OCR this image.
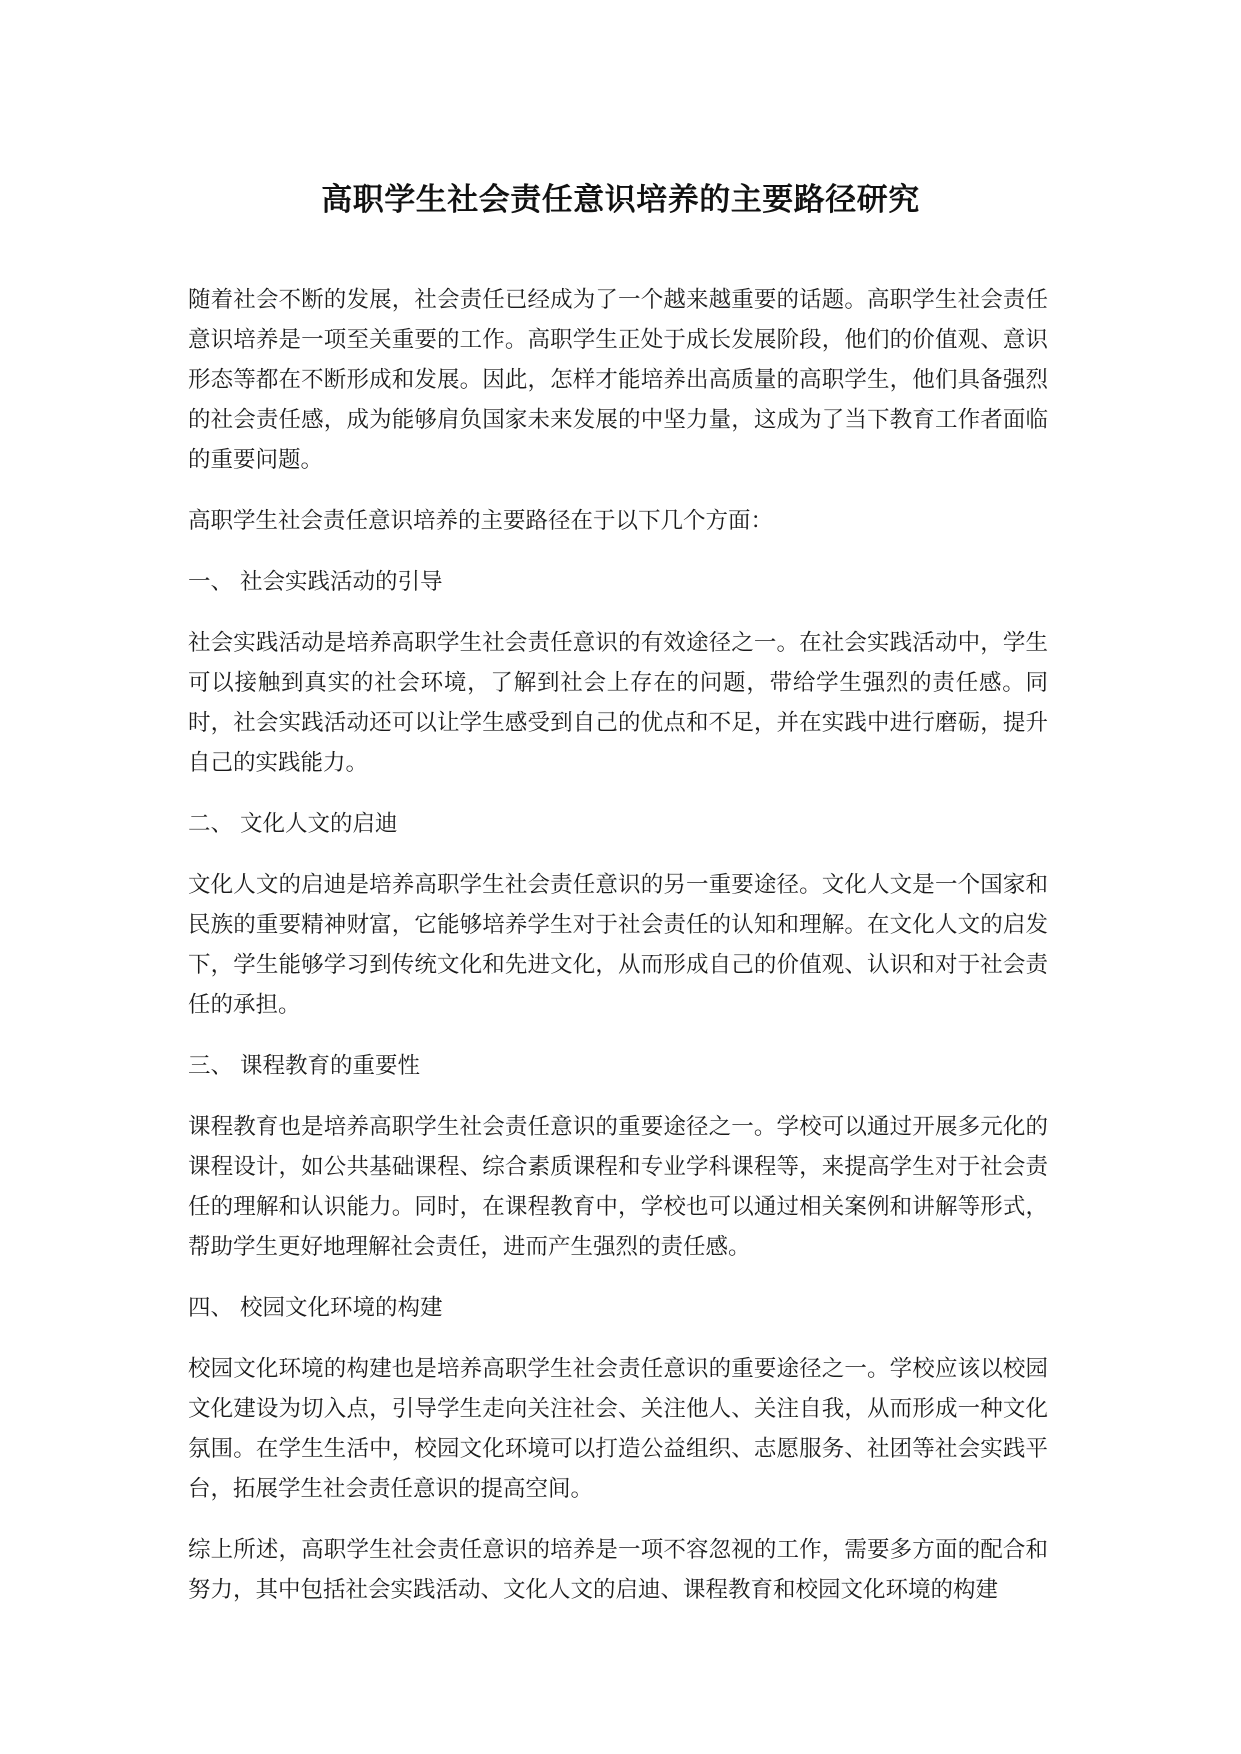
高职学生社会责任意识培养的主要路径研究

随着社会不断的发展，社会责任已经成为了一个越来越重要的话题。高职学生社会责任意识培养是一项至关重要的工作。高职学生正处于成长发展阶段，他们的价值观、意识形态等都在不断形成和发展。因此，怎样才能培养出高质量的高职学生，他们具备强烈的社会责任感，成为能够肩负国家未来发展的中坚力量，这成为了当下教育工作者面临的重要问题。

高职学生社会责任意识培养的主要路径在于以下几个方面：

一、 社会实践活动的引导

社会实践活动是培养高职学生社会责任意识的有效途径之一。在社会实践活动中，学生可以接触到真实的社会环境，了解到社会上存在的问题，带给学生强烈的责任感。同时，社会实践活动还可以让学生感受到自己的优点和不足，并在实践中进行磨砺，提升自己的实践能力。

二、 文化人文的启迪

文化人文的启迪是培养高职学生社会责任意识的另一重要途径。文化人文是一个国家和民族的重要精神财富，它能够培养学生对于社会责任的认知和理解。在文化人文的启发下，学生能够学习到传统文化和先进文化，从而形成自己的价值观、认识和对于社会责任的承担。

三、 课程教育的重要性

课程教育也是培养高职学生社会责任意识的重要途径之一。学校可以通过开展多元化的课程设计，如公共基础课程、综合素质课程和专业学科课程等，来提高学生对于社会责任的理解和认识能力。同时，在课程教育中，学校也可以通过相关案例和讲解等形式，帮助学生更好地理解社会责任，进而产生强烈的责任感。

四、 校园文化环境的构建

校园文化环境的构建也是培养高职学生社会责任意识的重要途径之一。学校应该以校园文化建设为切入点，引导学生走向关注社会、关注他人、关注自我，从而形成一种文化氛围。在学生生活中，校园文化环境可以打造公益组织、志愿服务、社团等社会实践平台，拓展学生社会责任意识的提高空间。

综上所述，高职学生社会责任意识的培养是一项不容忽视的工作，需要多方面的配合和努力，其中包括社会实践活动、文化人文的启迪、课程教育和校园文化环境的构建
